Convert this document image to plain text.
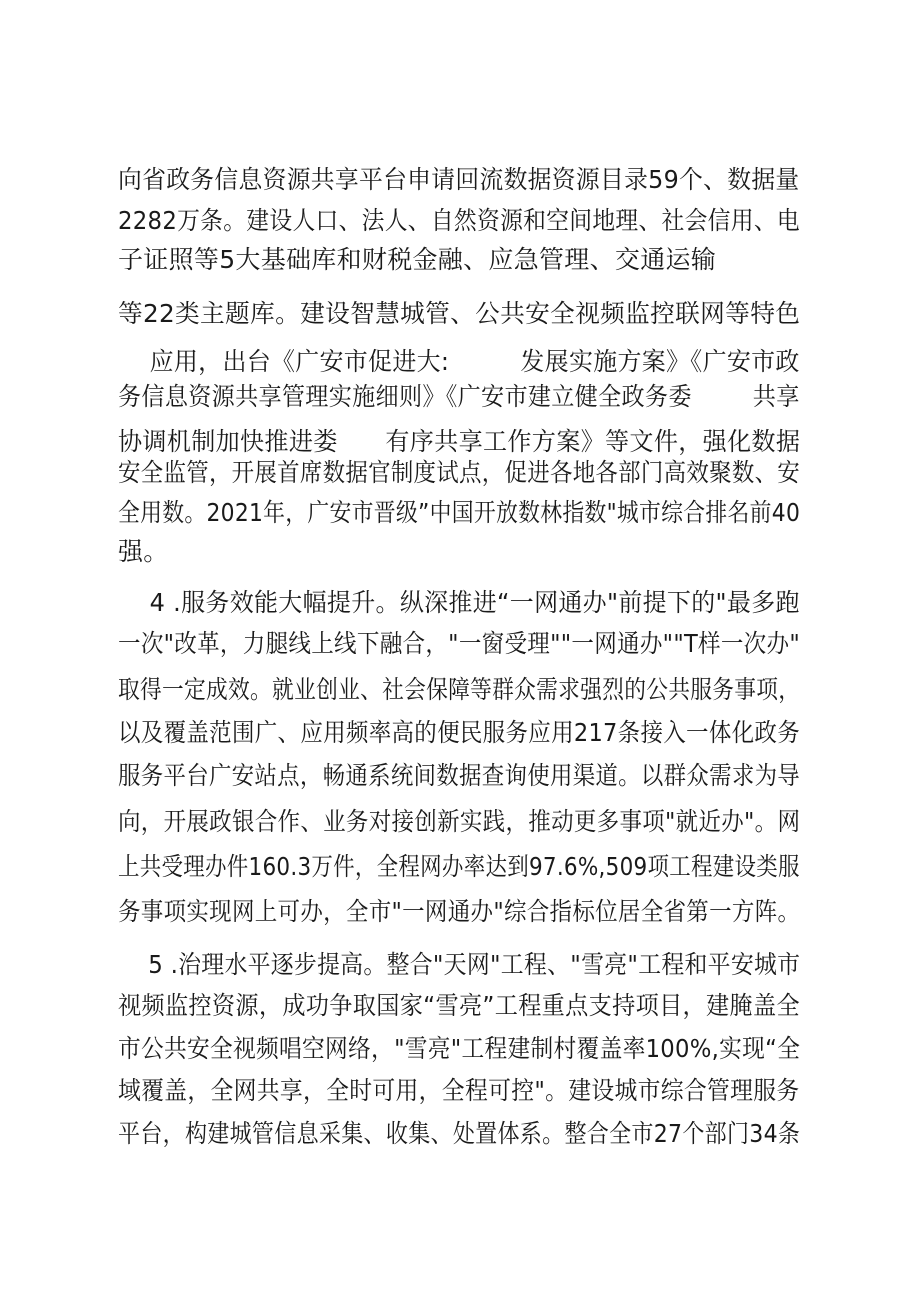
向省政务信息资源共享平台申请回流数据资源目录59个、数据量

2282万条。建设人口、法人、自然资源和空间地理、社会信用、电

子证照等5大基础库和财税金融、应急管理、交通运输

等22类主题库。建设智慧城管、公共安全视频监控联网等特色

应用，出台《广安市促进大:         发展实施方案》《广安市政

务信息资源共享管理实施细则》《广安市建立健全政务委        共享

协调机制加快推进娄      有序共享工作方案》等文件，强化数据

安全监管，开展首席数据官制度试点，促进各地各部门高效聚数、安

全用数。2021年，广安市晋级”中国开放数林指数"城市综合排名前40

强。

4 .服务效能大幅提升。纵深推进“一网通办"前提下的"最多跑

一次"改革，力腿线上线下融合，"一窗受理""一网通办""T样一次办"

取得一定成效。就业创业、社会保障等群众需求强烈的公共服务事项，

以及覆盖范围广、应用频率高的便民服务应用217条接入一体化政务

服务平台广安站点，畅通系统间数据查询使用渠道。以群众需求为导

向，开展政银合作、业务对接创新实践，推动更多事项"就近办"。网

上共受理办件160.3万件，全程网办率达到97.6%,509项工程建设类服

务事项实现网上可办，全市"一网通办"综合指标位居全省第一方阵。

5 .治理水平逐步提高。整合"天网"工程、"雪亮"工程和平安城市

视频监控资源，成功争取国家“雪亮”工程重点支持项目，建腌盖全

市公共安全视频唱空网络，"雪亮"工程建制村覆盖率100%,实现“全

域覆盖，全网共享，全时可用，全程可控"。建设城市综合管理服务

平台，构建城管信息采集、收集、处置体系。整合全市27个部门34条
